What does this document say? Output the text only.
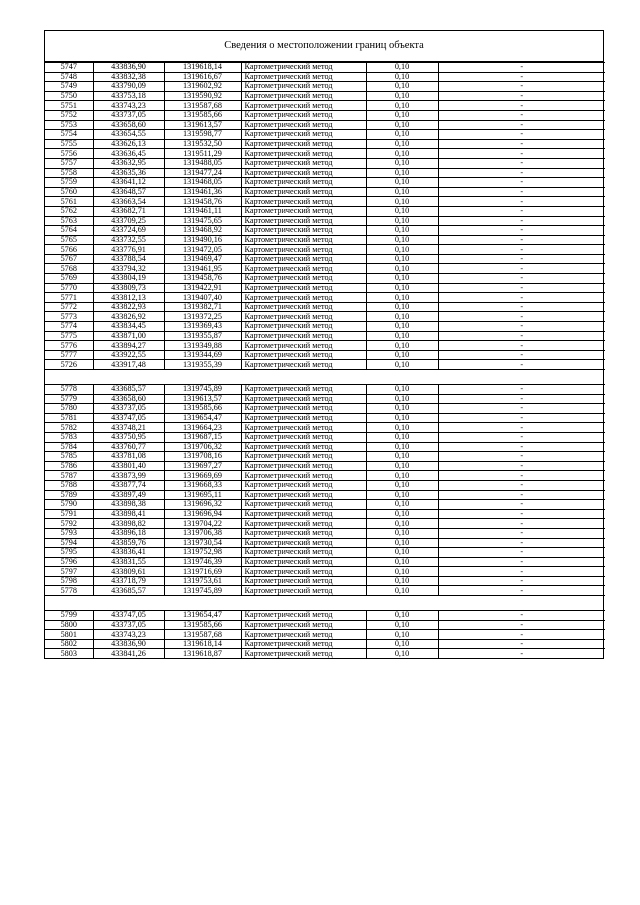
Сведения о местоположении границ объекта
5747	433836,90	1319618,14	Картометрический метод	0,10	-
5748	433832,38	1319616,67	Картометрический метод	0,10	-
5749	433790,09	1319602,92	Картометрический метод	0,10	-
5750	433753,18	1319590,92	Картометрический метод	0,10	-
5751	433743,23	1319587,68	Картометрический метод	0,10	-
5752	433737,05	1319585,66	Картометрический метод	0,10	-
5753	433658,60	1319613,57	Картометрический метод	0,10	-
5754	433654,55	1319598,77	Картометрический метод	0,10	-
5755	433626,13	1319532,50	Картометрический метод	0,10	-
5756	433636,45	1319511,29	Картометрический метод	0,10	-
5757	433632,95	1319488,05	Картометрический метод	0,10	-
5758	433635,36	1319477,24	Картометрический метод	0,10	-
5759	433641,12	1319468,05	Картометрический метод	0,10	-
5760	433648,57	1319461,36	Картометрический метод	0,10	-
5761	433663,54	1319458,76	Картометрический метод	0,10	-
5762	433682,71	1319461,11	Картометрический метод	0,10	-
5763	433709,25	1319475,65	Картометрический метод	0,10	-
5764	433724,69	1319468,92	Картометрический метод	0,10	-
5765	433732,55	1319490,16	Картометрический метод	0,10	-
5766	433776,91	1319472,05	Картометрический метод	0,10	-
5767	433788,54	1319469,47	Картометрический метод	0,10	-
5768	433794,32	1319461,95	Картометрический метод	0,10	-
5769	433804,19	1319458,76	Картометрический метод	0,10	-
5770	433809,73	1319422,91	Картометрический метод	0,10	-
5771	433812,13	1319407,40	Картометрический метод	0,10	-
5772	433822,93	1319382,71	Картометрический метод	0,10	-
5773	433826,92	1319372,25	Картометрический метод	0,10	-
5774	433834,45	1319369,43	Картометрический метод	0,10	-
5775	433871,00	1319355,87	Картометрический метод	0,10	-
5776	433894,27	1319349,88	Картометрический метод	0,10	-
5777	433922,55	1319344,69	Картометрический метод	0,10	-
5726	433917,48	1319355,39	Картометрический метод	0,10	-

5778	433685,57	1319745,89	Картометрический метод	0,10	-
5779	433658,60	1319613,57	Картометрический метод	0,10	-
5780	433737,05	1319585,66	Картометрический метод	0,10	-
5781	433747,05	1319654,47	Картометрический метод	0,10	-
5782	433748,21	1319664,23	Картометрический метод	0,10	-
5783	433750,95	1319687,15	Картометрический метод	0,10	-
5784	433760,77	1319706,32	Картометрический метод	0,10	-
5785	433781,08	1319708,16	Картометрический метод	0,10	-
5786	433801,40	1319697,27	Картометрический метод	0,10	-
5787	433873,99	1319669,69	Картометрический метод	0,10	-
5788	433877,74	1319668,33	Картометрический метод	0,10	-
5789	433897,49	1319695,11	Картометрический метод	0,10	-
5790	433898,38	1319696,32	Картометрический метод	0,10	-
5791	433898,41	1319696,94	Картометрический метод	0,10	-
5792	433898,82	1319704,22	Картометрический метод	0,10	-
5793	433896,18	1319706,38	Картометрический метод	0,10	-
5794	433859,76	1319730,54	Картометрический метод	0,10	-
5795	433836,41	1319752,98	Картометрический метод	0,10	-
5796	433831,55	1319746,39	Картометрический метод	0,10	-
5797	433809,61	1319716,69	Картометрический метод	0,10	-
5798	433718,79	1319753,61	Картометрический метод	0,10	-
5778	433685,57	1319745,89	Картометрический метод	0,10	-

5799	433747,05	1319654,47	Картометрический метод	0,10	-
5800	433737,05	1319585,66	Картометрический метод	0,10	-
5801	433743,23	1319587,68	Картометрический метод	0,10	-
5802	433836,90	1319618,14	Картометрический метод	0,10	-
5803	433841,26	1319618,87	Картометрический метод	0,10	-
